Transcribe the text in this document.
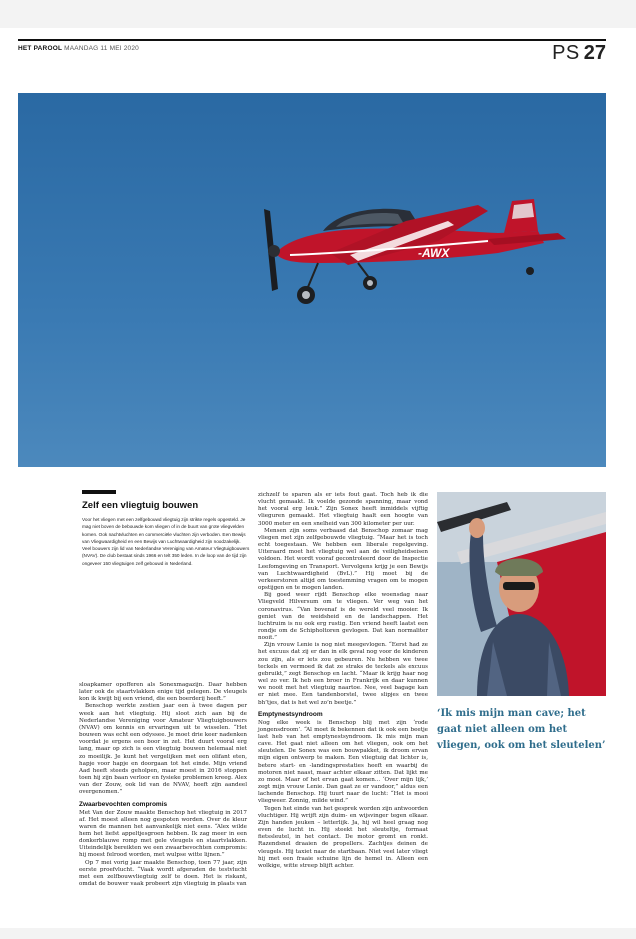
HET PAROOL MAANDAG 11 MEI 2020	PS 27
-AWX
Zelf een vliegtuig bouwen

Voor het vliegen met een zelfgebouwd vliegtuig zijn strikte regels opgesteld. Je mag niet boven de bebouwde kom vliegen of in de buurt van grote vliegvelden komen. Ook nachtvluchten en commerciële vluchten zijn verboden. Een Bewijs van Vliegwaardigheid en een Bewijs van Luchtwaardigheid zijn noodzakelijk. Veel bouwers zijn lid van Nederlandse Vereniging van Amateur Vliegtuigbouwers (NVAV). De club bestaat sinds 1966 en telt 350 leden. In de loop van de tijd zijn ongeveer 150 vliegtuigen zelf gebouwd in Nederland.

sloapkamer opofferen als Sonexmagazijn. Daar hebben later ook de staartvlakken enige tijd gelegen. De vleugels kon ik kwijt bij een vriend, die een boerderij heeft.”

Benschop werkte zestien jaar een à twee dagen per week aan het vliegtuig. Hij sloot zich aan bij de Nederlandse Vereniging voor Amateur Vliegtuigbouwers (NVAV) om kennis en ervaringen uit te wisselen. “Het bouwen was echt een odyssee. Je moet drie keer nadenken voordat je ergens een boor in zet. Het duurt vooral erg lang, maar op zich is een vliegtuig bouwen helemaal niet zo moeilijk. Je kunt het vergelijken met een olifant eten, hapje voor hapje en doorgaan tot het einde. Mijn vriend Aad heeft steeds geholpen, maar moest in 2016 stoppen toen hij zijn baan verloor en fysieke problemen kreeg. Alex van der Zouw, ook lid van de NVAV, heeft zijn aandeel overgenomen.”

Zwaarbevochten compromis

Met Van der Zouw maakte Benschop het vliegtuig in 2017 af. Het moest alleen nog gespoten worden. Over de kleur waren de mannen het aanvankelijk niet eens. “Alex wilde hem het liefst appeltjesgroen hebben. Ik zag meer in een donkerblauwe romp met gele vleugels en staartvlakken. Uiteindelijk bereikten we een zwaarbevochten compromis: hij moest felrood worden, met wulpse witte lijnen.”

Op 7 mei vorig jaar maakte Benschop, toen 77 jaar, zijn eerste proefvlucht. “Vaak wordt afgeraden de testvlucht met een zelfbouwvliegtuig zelf te doen. Het is riskant, omdat de bouwer vaak probeert zijn vliegtuig in plaats van

zichzelf te sparen als er iets fout gaat. Toch heb ik die vlucht gemaakt. Ik voelde gezonde spanning, maar vond het vooral erg leuk.” Zijn Sonex heeft inmiddels vijftig vlieguren gemaakt. Het vliegtuig haalt een hoogte van 3000 meter en een snelheid van 300 kilometer per uur.

Mensen zijn soms verbaasd dat Benschop zomaar mag vliegen met zijn zelfgebouwde vliegtuig. “Maar het is toch echt toegestaan. We hebben een liberale regelgeving. Uiteraard moet het vliegtuig wel aan de veiligheidseisen voldoen. Het wordt vooraf gecontroleerd door de Inspectie Leefomgeving en Transport. Vervolgens krijg je een Bewijs van Luchtwaardigheid (BvL).” Hij moet bij de verkeerstoren altijd om toestemming vragen om te mogen opstijgen en te mogen landen.

Bij goed weer rijdt Benschop elke woensdag naar Vliegveld Hilversum om te vliegen. Ver weg van het coronavirus. “Van bovenaf is de wereld veel mooier. Ik geniet van de weidsheid en de landschappen. Het luchtruim is nu ook erg rustig. Een vriend heeft laatst een rondje om de Schipholtoren gevlogen. Dat kan normaliter nooit.”

Zijn vrouw Lenie is nog niet meegevlogen. “Eerst had ze het excuus dat zij er dan in elk geval nog voor de kinderen zou zijn, als er iets zou gebeuren. Nu hebben we twee teckels en vermoed ik dat ze straks de teckels als excuus gebruikt,” zegt Benschop en lacht. “Maar ik krijg haar nog wel zo ver. Ik heb een broer in Frankrijk en daar kunnen we nooit met het vliegtuig naartoe. Nee, veel bagage kan er niet mee. Een tandenborstel, twee slipjes en twee bh’tjes, dat is het wel zo’n beetje.”

Emptynestsyndroom

Nog elke week is Benschop blij met zijn ‘rode jongensdroom’. “Al moet ik bekennen dat ik ook een beetje last heb van het emptynestsyndroom. Ik mis mijn man cave. Het gaat niet alleen om het vliegen, ook om het sleutelen. De Sonex was een bouwpakket, ik droom ervan mijn eigen ontwerp te maken. Een vliegtuig dat lichter is, betere start- en -landingsprestaties heeft en waarbij de motoren niet naast, maar achter elkaar zitten. Dat lijkt me zo mooi. Maar of het ervan gaat komen... ‘Over mijn lijk,’ zegt mijn vrouw Lenie. Dan gaat ze er vandoor,” aldus een lachende Benschop. Hij tuurt naar de lucht: “Het is mooi vliegweer. Zonnig, milde wind.”

Tegen het einde van het gesprek worden zijn antwoorden vluchtiger. Hij wrijft zijn duim- en wijsvinger tegen elkaar. Zijn handen jeuken – letterlijk. Ja, hij wil heel graag nog even de lucht in. Hij steekt het sleuteltje, formaat fietssleutel, in het contact. De motor gromt en ronkt. Razendsnel draaien de propellers. Zachtjes deinen de vleugels. Hij taxiet naar de startbaan. Niet veel later vliegt hij met een fraaie schuine lijn de hemel in. Alleen een wolkige, witte streep blijft achter.

‘Ik mis mijn man cave; het gaat niet alleen om het vliegen, ook om het sleutelen’
